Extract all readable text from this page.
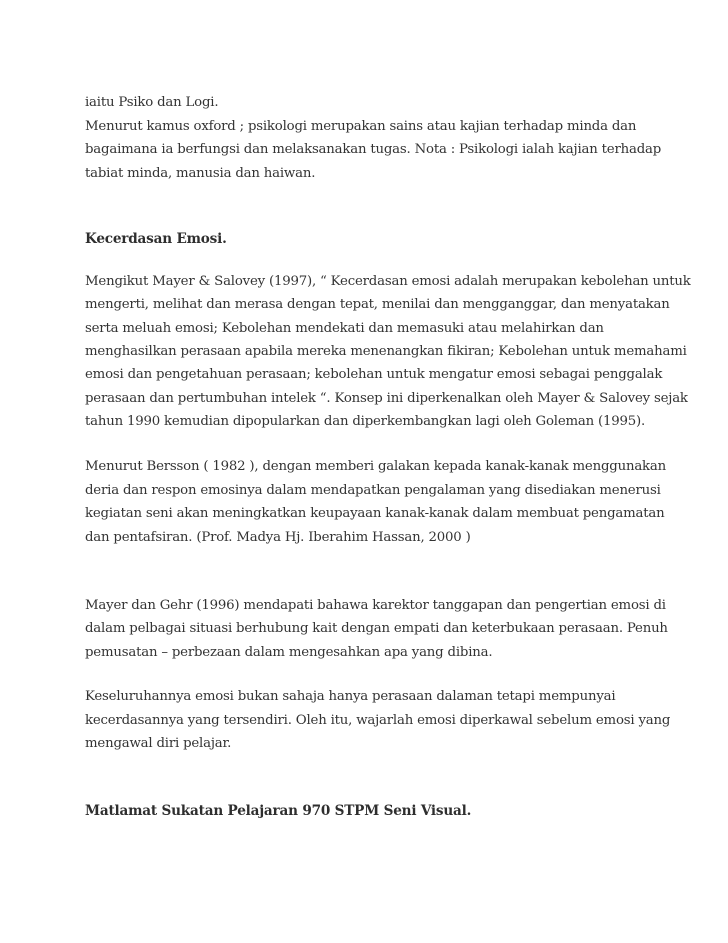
iaitu Psiko dan Logi.
Menurut kamus oxford ; psikologi merupakan sains atau kajian terhadap minda dan
bagaimana ia berfungsi dan melaksanakan tugas. Nota : Psikologi ialah kajian terhadap
tabiat minda, manusia dan haiwan.
Kecerdasan Emosi.
Mengikut Mayer & Salovey (1997), “ Kecerdasan emosi adalah merupakan kebolehan untuk
mengerti, melihat dan merasa dengan tepat, menilai dan mengganggar, dan menyatakan
serta meluah emosi; Kebolehan mendekati dan memasuki atau melahirkan dan
menghasilkan perasaan apabila mereka menenangkan fikiran; Kebolehan untuk memahami
emosi dan pengetahuan perasaan; kebolehan untuk mengatur emosi sebagai penggalak
perasaan dan pertumbuhan intelek “. Konsep ini diperkenalkan oleh Mayer & Salovey sejak
tahun 1990 kemudian dipopularkan dan diperkembangkan lagi oleh Goleman (1995).
Menurut Bersson ( 1982 ), dengan memberi galakan kepada kanak-kanak menggunakan
deria dan respon emosinya dalam mendapatkan pengalaman yang disediakan menerusi
kegiatan seni akan meningkatkan keupayaan kanak-kanak dalam membuat pengamatan
dan pentafsiran. (Prof. Madya Hj. Iberahim Hassan, 2000 )
Mayer dan Gehr (1996) mendapati bahawa karektor tanggapan dan pengertian emosi di
dalam pelbagai situasi berhubung kait dengan empati dan keterbukaan perasaan. Penuh
pemusatan – perbezaan dalam mengesahkan apa yang dibina.
Keseluruhannya emosi bukan sahaja hanya perasaan dalaman tetapi mempunyai
kecerdasannya yang tersendiri. Oleh itu, wajarlah emosi diperkawal sebelum emosi yang
mengawal diri pelajar.
Matlamat Sukatan Pelajaran 970 STPM Seni Visual.
